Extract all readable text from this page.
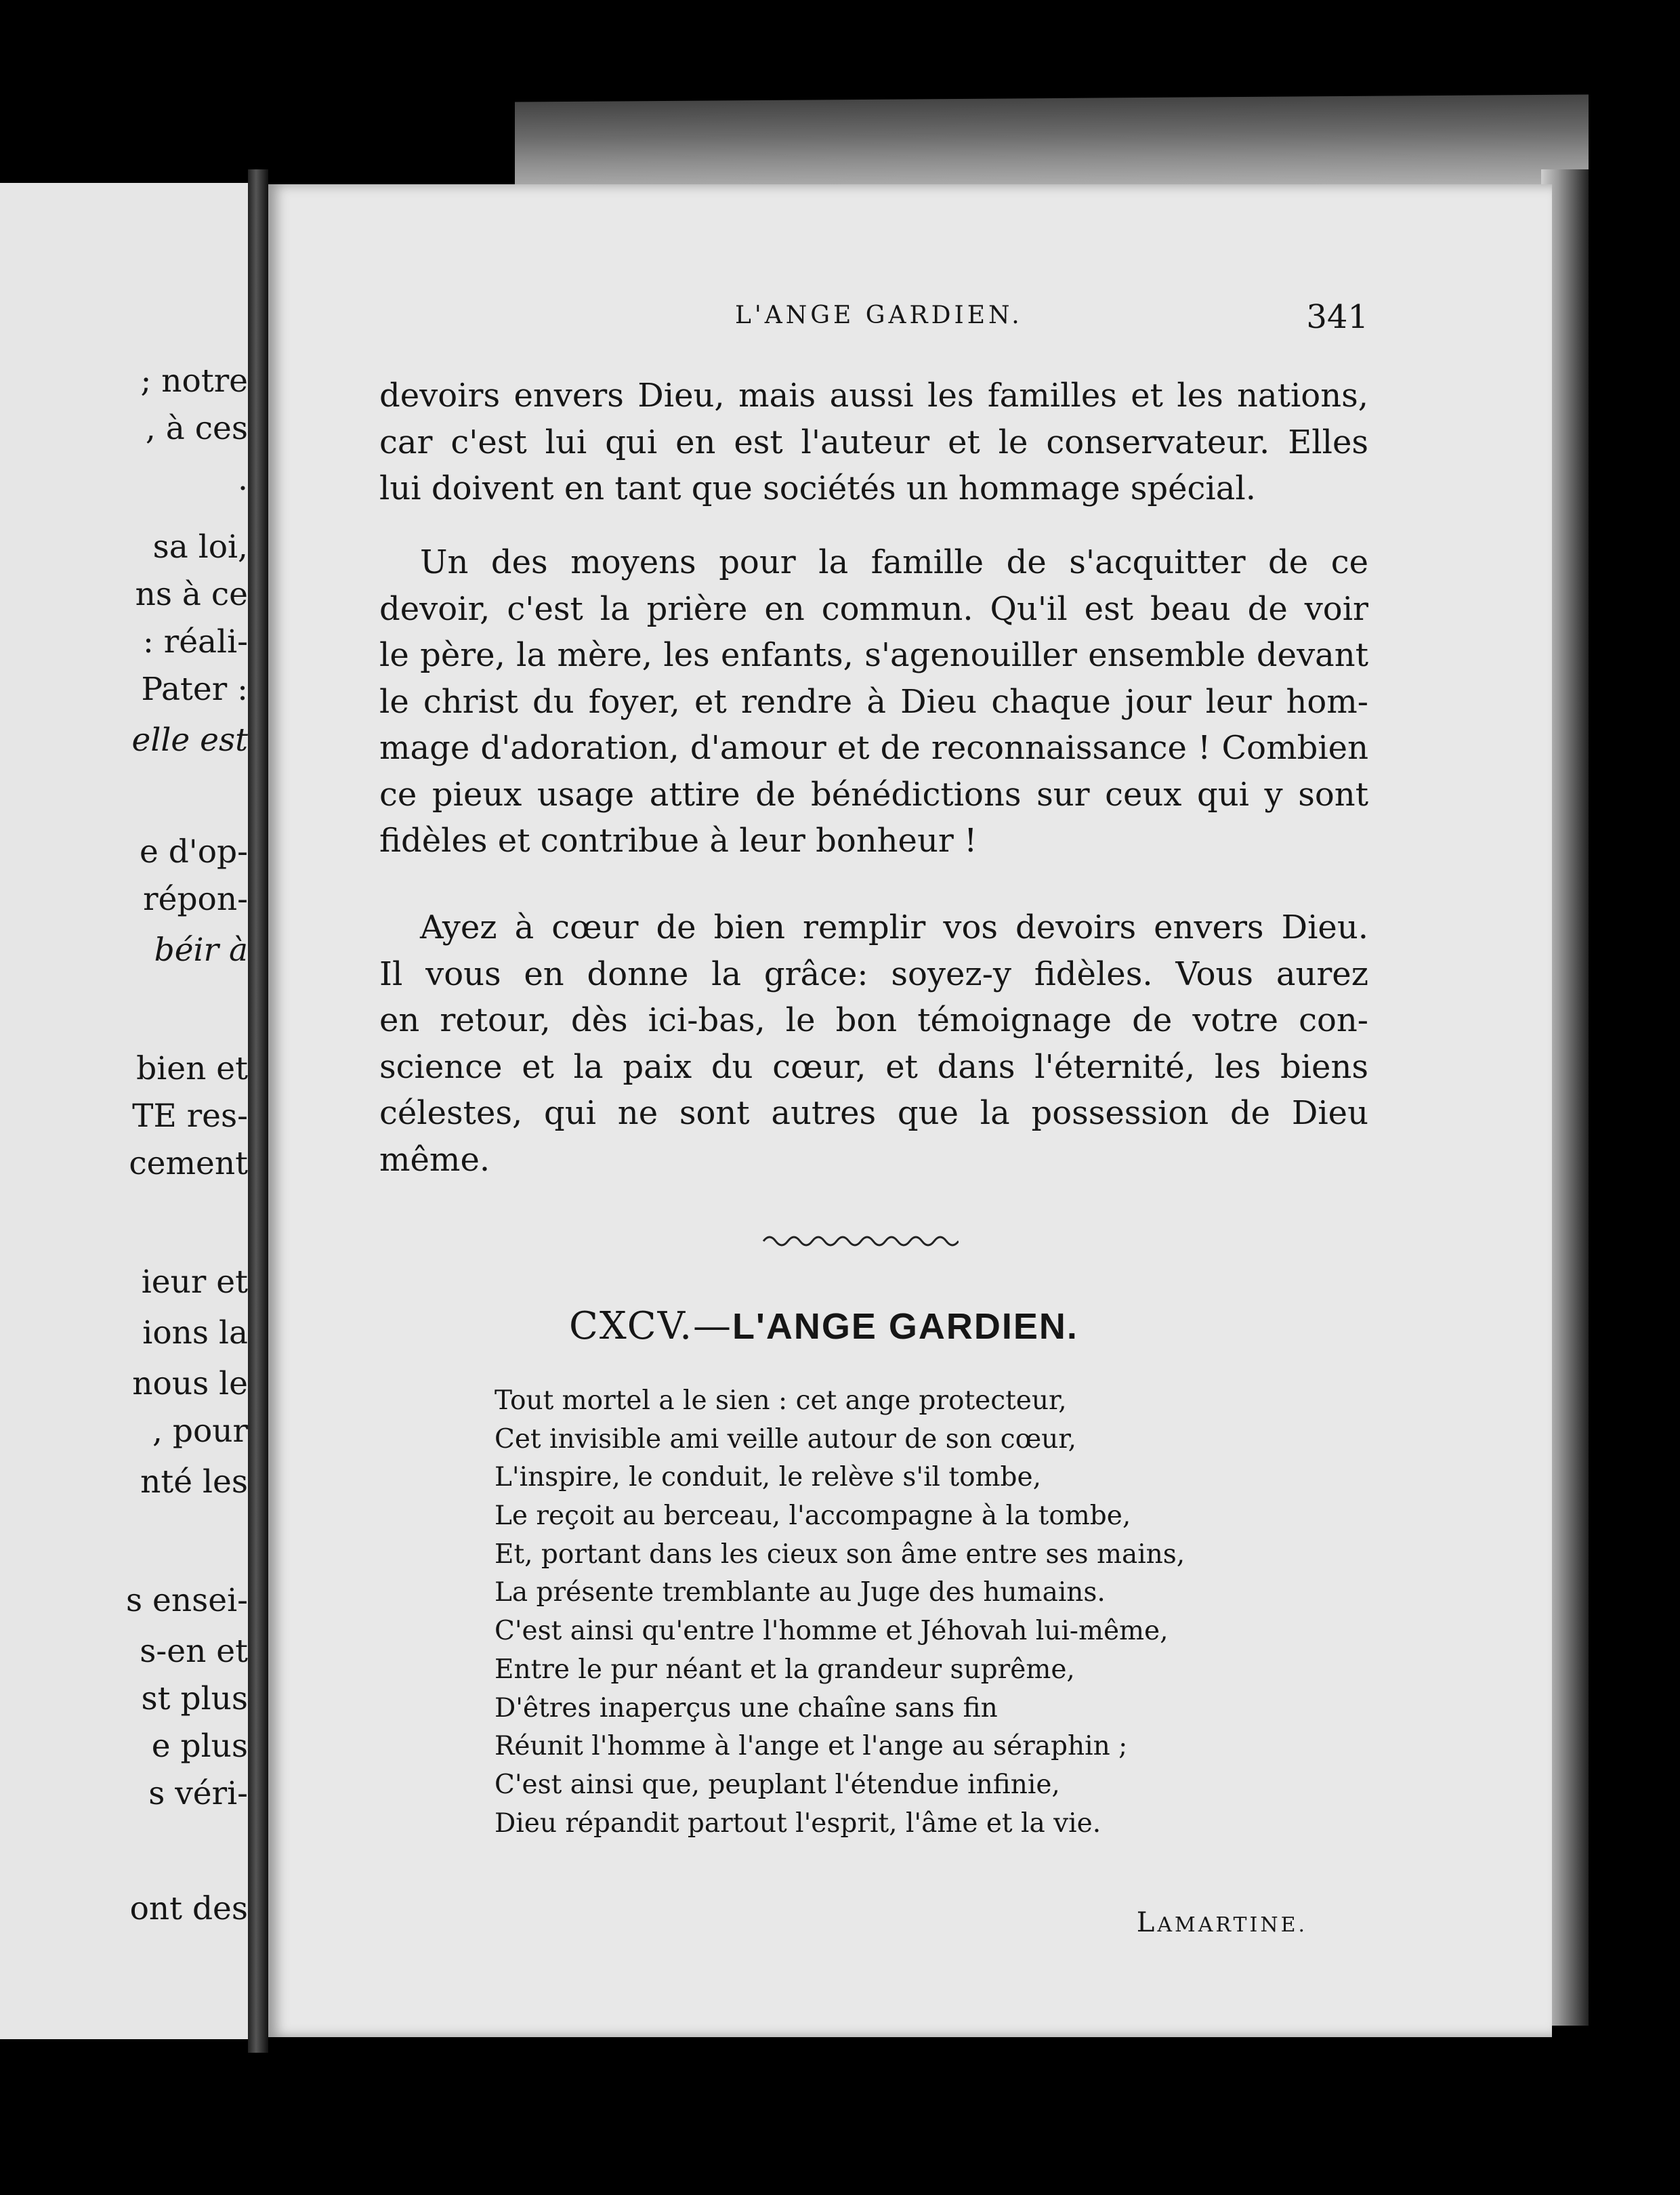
; notre
, à ces
.
sa loi,
ns à ce
: réali-
Pater :
elle est
e d'op-
répon-
béir à
bien et
TE res-
cement
ieur et
ions la
nous le
, pour
nté les
s ensei-
s-en et
st plus
e plus
s véri-
ont des
L'ANGE GARDIEN.	341
devoirs envers Dieu, mais aussi les familles et les nations,
car c'est lui qui en est l'auteur et le conservateur. Elles
lui doivent en tant que sociétés un hommage spécial.
Un des moyens pour la famille de s'acquitter de ce
devoir, c'est la prière en commun. Qu'il est beau de voir
le père, la mère, les enfants, s'agenouiller ensemble devant
le christ du foyer, et rendre à Dieu chaque jour leur hom-
mage d'adoration, d'amour et de reconnaissance ! Combien
ce pieux usage attire de bénédictions sur ceux qui y sont
fidèles et contribue à leur bonheur !
Ayez à cœur de bien remplir vos devoirs envers Dieu.
Il vous en donne la grâce: soyez-y fidèles. Vous aurez
en retour, dès ici-bas, le bon témoignage de votre con-
science et la paix du cœur, et dans l'éternité, les biens
célestes, qui ne sont autres que la possession de Dieu
même.
CXCV.—L'ANGE GARDIEN.
Tout mortel a le sien : cet ange protecteur,
Cet invisible ami veille autour de son cœur,
L'inspire, le conduit, le relève s'il tombe,
Le reçoit au berceau, l'accompagne à la tombe,
Et, portant dans les cieux son âme entre ses mains,
La présente tremblante au Juge des humains.
C'est ainsi qu'entre l'homme et Jéhovah lui-même,
Entre le pur néant et la grandeur suprême,
D'êtres inaperçus une chaîne sans fin
Réunit l'homme à l'ange et l'ange au séraphin ;
C'est ainsi que, peuplant l'étendue infinie,
Dieu répandit partout l'esprit, l'âme et la vie.
LAMARTINE.
